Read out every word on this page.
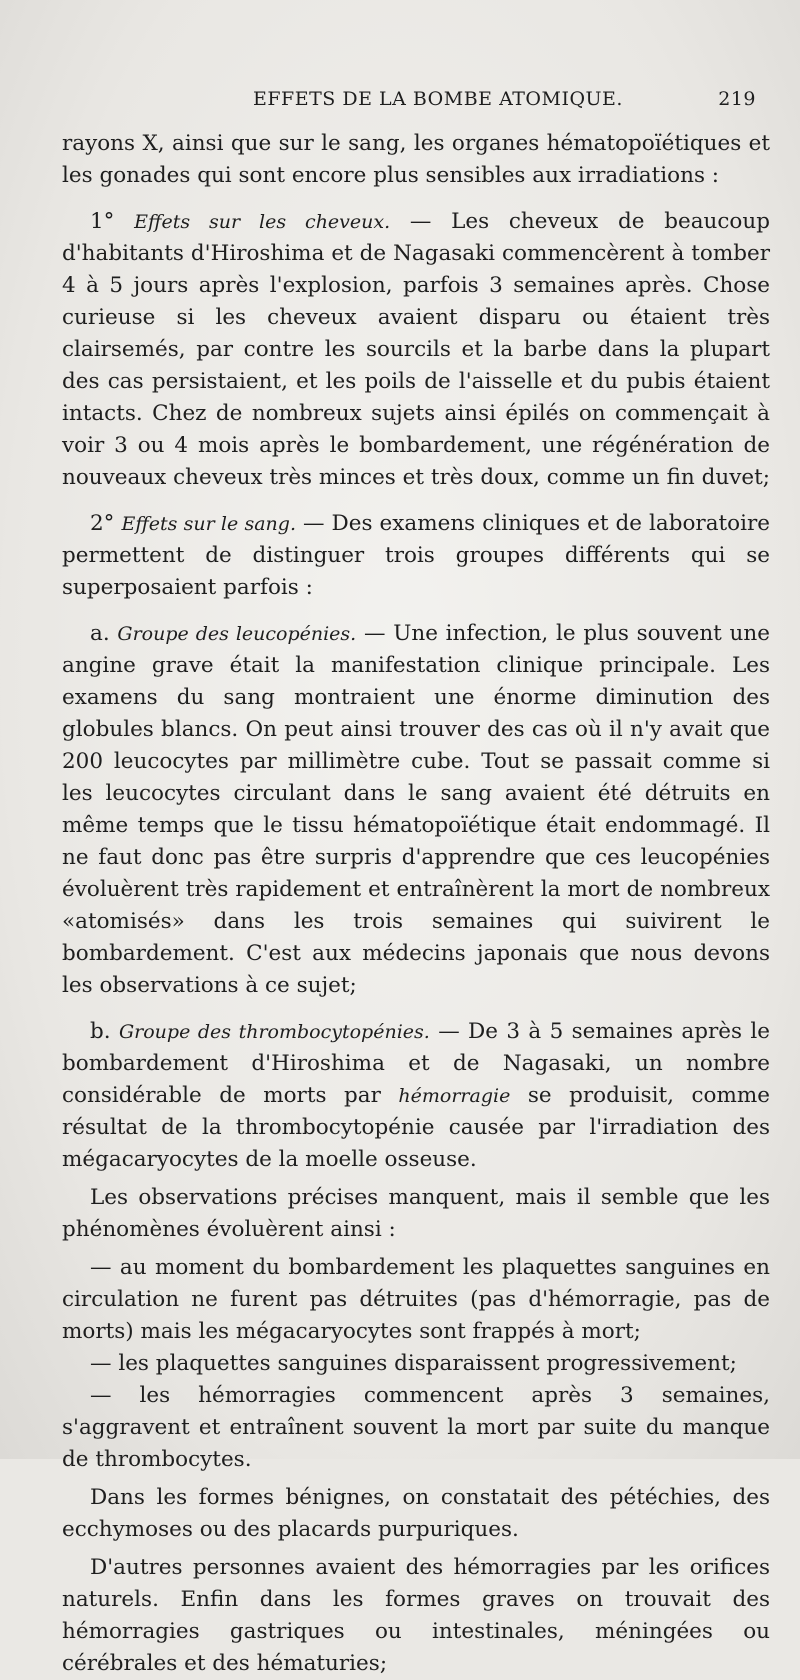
EFFETS DE LA BOMBE ATOMIQUE.	219

rayons X, ainsi que sur le sang, les organes hématopoïétiques et les gonades qui sont encore plus sensibles aux irradiations :

1° Effets sur les cheveux. — Les cheveux de beaucoup d'habitants d'Hiroshima et de Nagasaki commencèrent à tomber 4 à 5 jours après l'explosion, parfois 3 semaines après. Chose curieuse si les cheveux avaient disparu ou étaient très clairsemés, par contre les sourcils et la barbe dans la plupart des cas persistaient, et les poils de l'aisselle et du pubis étaient intacts. Chez de nombreux sujets ainsi épilés on commençait à voir 3 ou 4 mois après le bombardement, une régénération de nouveaux cheveux très minces et très doux, comme un fin duvet;

2° Effets sur le sang. — Des examens cliniques et de laboratoire permettent de distinguer trois groupes différents qui se superposaient parfois :

a. Groupe des leucopénies. — Une infection, le plus souvent une angine grave était la manifestation clinique principale. Les examens du sang montraient une énorme diminution des globules blancs. On peut ainsi trouver des cas où il n'y avait que 200 leucocytes par millimètre cube. Tout se passait comme si les leucocytes circulant dans le sang avaient été détruits en même temps que le tissu hématopoïétique était endommagé. Il ne faut donc pas être surpris d'apprendre que ces leucopénies évoluèrent très rapidement et entraînèrent la mort de nombreux «atomisés» dans les trois semaines qui suivirent le bombardement. C'est aux médecins japonais que nous devons les observations à ce sujet;

b. Groupe des thrombocytopénies. — De 3 à 5 semaines après le bombardement d'Hiroshima et de Nagasaki, un nombre considérable de morts par hémorragie se produisit, comme résultat de la thrombocytopénie causée par l'irradiation des mégacaryocytes de la moelle osseuse.

Les observations précises manquent, mais il semble que les phénomènes évoluèrent ainsi :

— au moment du bombardement les plaquettes sanguines en circulation ne furent pas détruites (pas d'hémorragie, pas de morts) mais les mégacaryocytes sont frappés à mort;

— les plaquettes sanguines disparaissent progressivement;

— les hémorragies commencent après 3 semaines, s'aggravent et entraînent souvent la mort par suite du manque de thrombocytes.

Dans les formes bénignes, on constatait des pétéchies, des ecchymoses ou des placards purpuriques.

D'autres personnes avaient des hémorragies par les orifices naturels. Enfin dans les formes graves on trouvait des hémorragies gastriques ou intestinales, méningées ou cérébrales et des hématuries;
